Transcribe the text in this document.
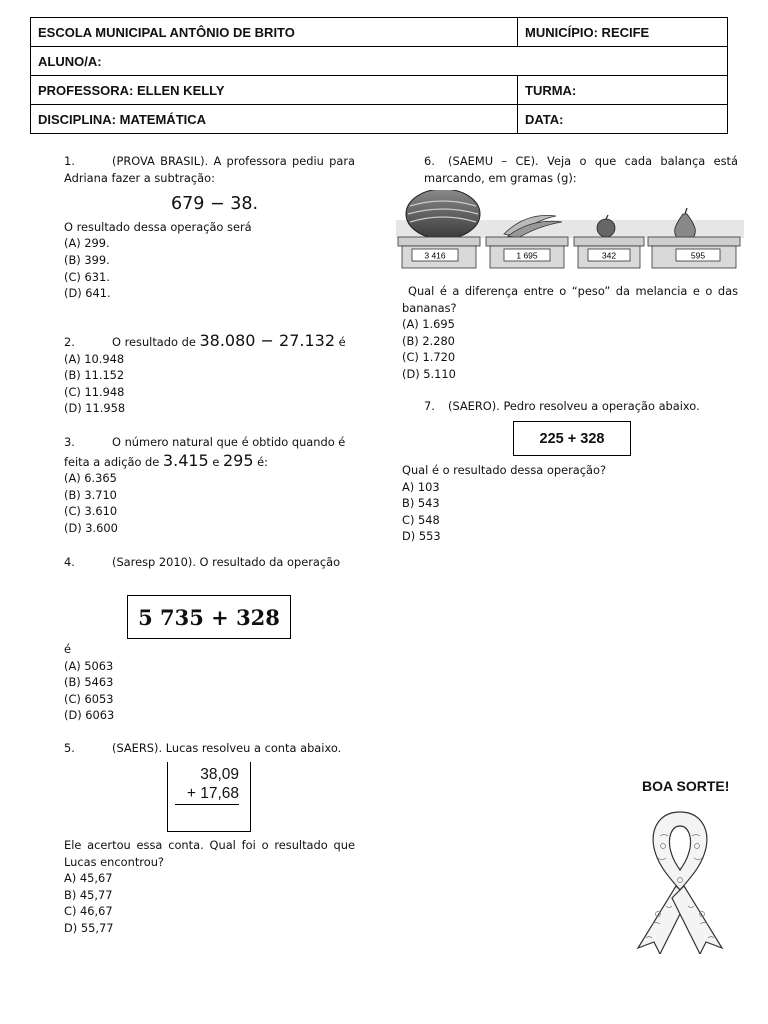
ESCOLA MUNICIPAL ANTÔNIO DE BRITO	MUNICÍPIO: RECIFE
ALUNO/A:	
PROFESSORA: ELLEN KELLY	TURMA:
DISCIPLINA: MATEMÁTICA	DATA:

1.	(PROVA BRASIL). A professora pediu para Adriana fazer a subtração:

679 − 38.

O resultado dessa operação será

(A) 299.

(B) 399.

(C) 631.

(D) 641.

2.	O resultado de 38.080 − 27.132 é

(A) 10.948

(B) 11.152

(C) 11.948

(D) 11.958

3.	O número natural que é obtido quando é

feita a adição de 3.415 e 295 é:

(A) 6.365

(B) 3.710

(C) 3.610

(D) 3.600

4.	(Saresp 2010). O resultado da operação

5 735 + 328

é

(A) 5063

(B) 5463

(C) 6053

(D) 6063

5.	(SAERS). Lucas resolveu a conta abaixo.

38,09
+ 17,68

Ele acertou essa conta. Qual foi o resultado que Lucas encontrou?

A) 45,67

B) 45,77

C) 46,67

D) 55,77

6. (SAEMU – CE). Veja o que cada balança está marcando, em gramas (g):

3 416	1 695	342	595

Qual é a diferença entre o “peso” da melancia e o das bananas?

(A) 1.695

(B) 2.280

(C) 1.720

(D) 5.110

7. (SAERO). Pedro resolveu a operação abaixo.

225 + 328

Qual é o resultado dessa operação?

A) 103

B) 543

C) 548

D) 553

BOA SORTE!
